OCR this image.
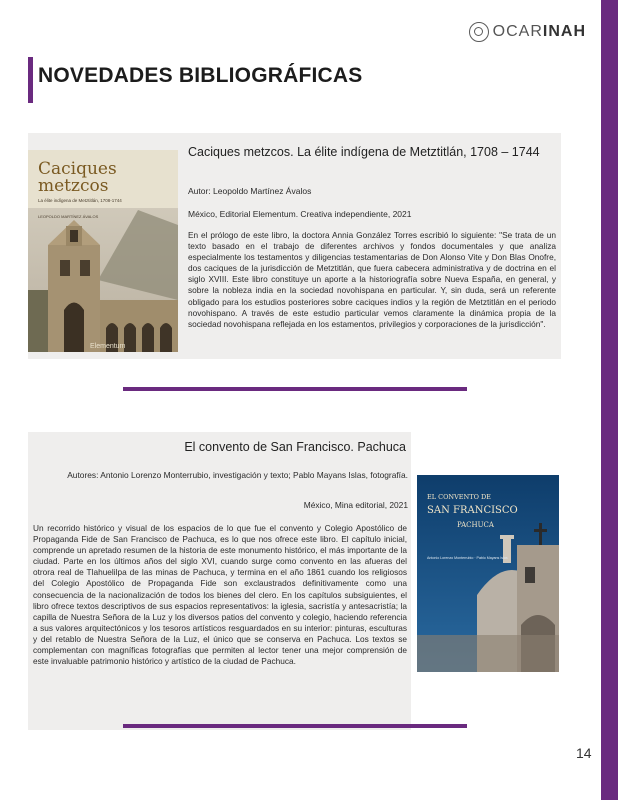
OCARINAH
NOVEDADES BIBLIOGRÁFICAS
Caciques
metzcos
La élite indígena de Metztitlán, 1708-1744
LEOPOLDO MARTÍNEZ ÁVALOS
Elementum
Caciques metzcos. La élite indígena de Metztitlán, 1708 – 1744
Autor: Leopoldo Martínez Ávalos
México, Editorial Elementum. Creativa independiente, 2021

En el prólogo de este libro, la doctora Annia González Torres escribió lo siguiente: "Se trata de un texto basado en el trabajo de diferentes archivos y fondos documentales y que analiza especialmente los testamentos y diligencias testamentarias de Don Alonso Vite y Don Blas Onofre, dos caciques de la jurisdicción de Metztitlán, que fuera cabecera administrativa y de doctrina en el siglo XVIII. Este libro constituye un aporte a la historiografía sobre Nueva España, en general, y sobre la nobleza india en la sociedad novohispana en particular. Y, sin duda, será un referente obligado para los estudios posteriores sobre caciques indios y la región de Metztitlán en el periodo novohispano. A través de este estudio particular vemos claramente la dinámica propia de la sociedad novohispana reflejada en los estamentos, privilegios y corporaciones de la jurisdicción".

El convento de San Francisco. Pachuca
Autores: Antonio Lorenzo Monterrubio, investigación y texto; Pablo Mayans Islas, fotografía.
México, Mina editorial, 2021

Un recorrido histórico y visual de los espacios de lo que fue el convento y Colegio Apostólico de Propaganda Fide de San Francisco de Pachuca, es lo que nos ofrece este libro. El capítulo inicial, comprende un apretado resumen de la historia de este monumento histórico, el más importante de la ciudad. Parte en los últimos años del siglo XVI, cuando surge como convento en las afueras del otrora real de Tlahuelilpa de las minas de Pachuca, y termina en el año 1861 cuando los religiosos del Colegio Apostólico de Propaganda Fide son exclaustrados definitivamente como una consecuencia de la nacionalización de todos los bienes del clero. En los capítulos subsiguientes, el libro ofrece textos descriptivos de sus espacios representativos: la iglesia, sacristía y antesacristía; la capilla de Nuestra Señora de la Luz y los diversos patios del convento y colegio, haciendo referencia a sus valores arquitectónicos y los tesoros artísticos resguardados en su interior: pinturas, esculturas y del retablo de Nuestra Señora de la Luz, el único que se conserva en Pachuca. Los textos se complementan con magníficas fotografías que permiten al lector tener una mejor comprensión de este invaluable patrimonio histórico y artístico de la ciudad de Pachuca.

EL CONVENTO DE
SAN FRANCISCO
PACHUCA
Antonio Lorenzo Monterrubio · Pablo Mayans Islas
14
